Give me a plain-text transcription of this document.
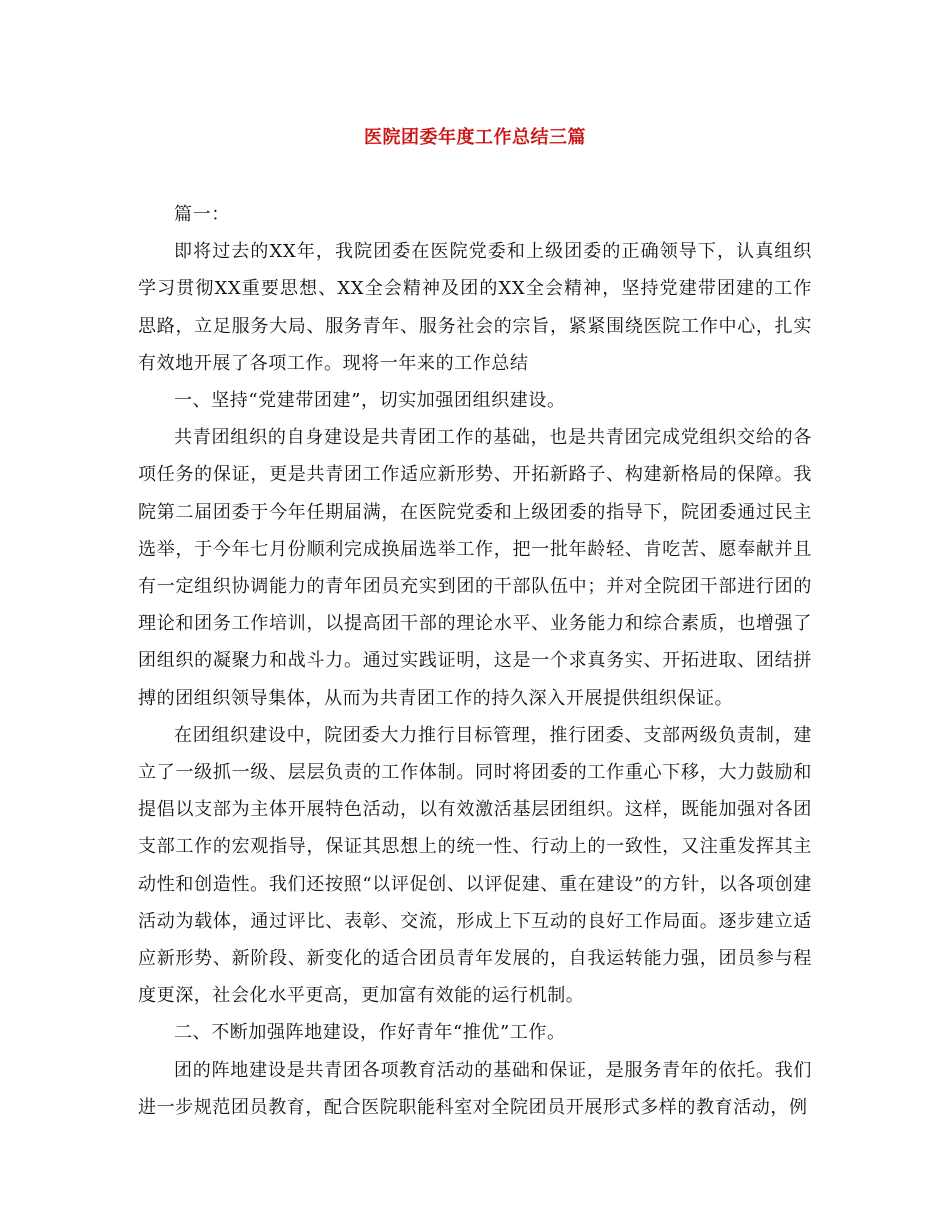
医院团委年度工作总结三篇

篇一：

即将过去的XX年，我院团委在医院党委和上级团委的正确领导下，认真组织学习贯彻XX重要思想、XX全会精神及团的XX全会精神，坚持党建带团建的工作思路，立足服务大局、服务青年、服务社会的宗旨，紧紧围绕医院工作中心，扎实有效地开展了各项工作。现将一年来的工作总结

一、坚持“党建带团建”，切实加强团组织建设。

共青团组织的自身建设是共青团工作的基础，也是共青团完成党组织交给的各项任务的保证，更是共青团工作适应新形势、开拓新路子、构建新格局的保障。我院第二届团委于今年任期届满，在医院党委和上级团委的指导下，院团委通过民主选举，于今年七月份顺利完成换届选举工作，把一批年龄轻、肯吃苦、愿奉献并且有一定组织协调能力的青年团员充实到团的干部队伍中；并对全院团干部进行团的理论和团务工作培训，以提高团干部的理论水平、业务能力和综合素质，也增强了团组织的凝聚力和战斗力。通过实践证明，这是一个求真务实、开拓进取、团结拼搏的团组织领导集体，从而为共青团工作的持久深入开展提供组织保证。

在团组织建设中，院团委大力推行目标管理，推行团委、支部两级负责制，建立了一级抓一级、层层负责的工作体制。同时将团委的工作重心下移，大力鼓励和提倡以支部为主体开展特色活动，以有效激活基层团组织。这样，既能加强对各团支部工作的宏观指导，保证其思想上的统一性、行动上的一致性，又注重发挥其主动性和创造性。我们还按照“以评促创、以评促建、重在建设”的方针，以各项创建活动为载体，通过评比、表彰、交流，形成上下互动的良好工作局面。逐步建立适应新形势、新阶段、新变化的适合团员青年发展的，自我运转能力强，团员参与程度更深，社会化水平更高，更加富有效能的运行机制。

二、不断加强阵地建设，作好青年“推优”工作。

团的阵地建设是共青团各项教育活动的基础和保证，是服务青年的依托。我们进一步规范团员教育，配合医院职能科室对全院团员开展形式多样的教育活动，例
